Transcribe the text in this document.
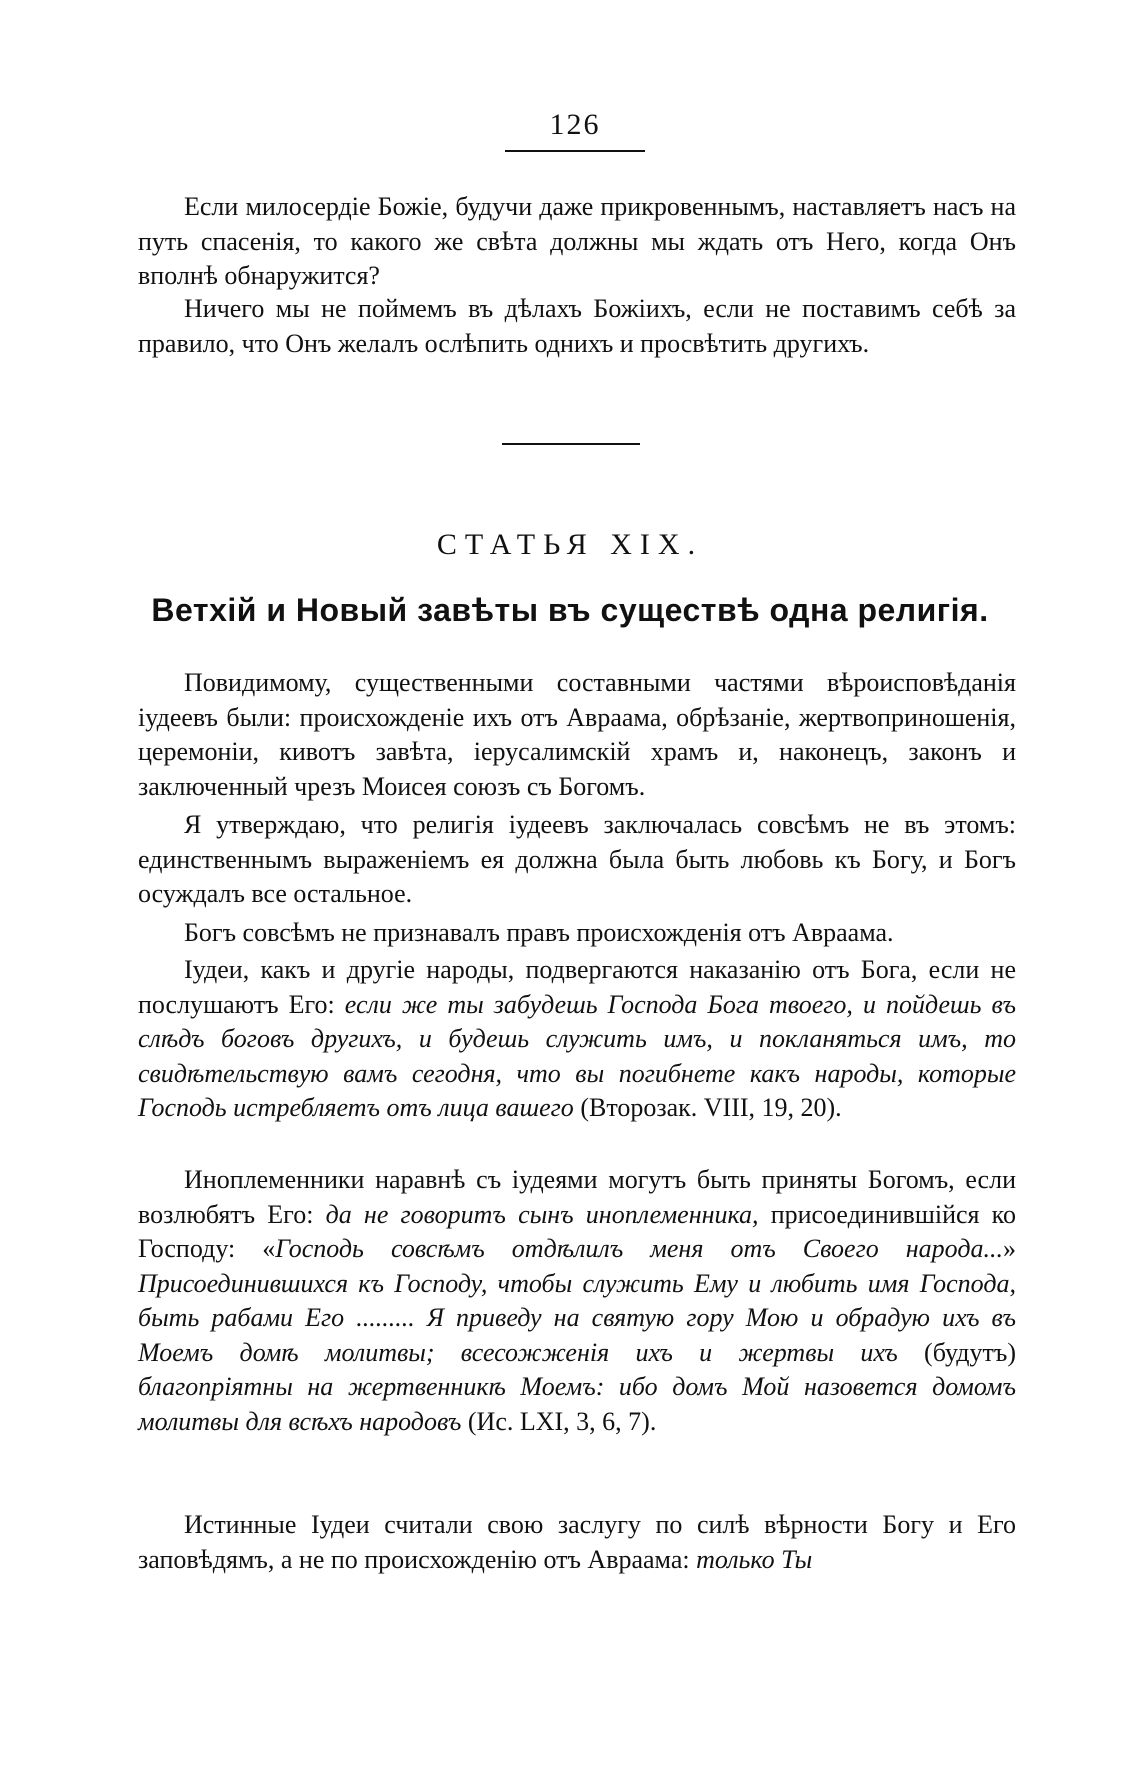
126

Если милосердіе Божіе, будучи даже прикровеннымъ, наставляетъ насъ на путь спасенія, то какого же свѣта должны мы ждать отъ Него, когда Онъ вполнѣ обнаружится?

Ничего мы не поймемъ въ дѣлахъ Божіихъ, если не поставимъ себѣ за правило, что Онъ желалъ ослѣпить однихъ и просвѣтить другихъ.

СТАТЬЯ XIX.
Ветхій и Новый завѣты въ существѣ одна религія.

Повидимому, существенными составными частями вѣроисповѣданія іудеевъ были: происхожденіе ихъ отъ Авраама, обрѣзаніе, жертвоприношенія, церемоніи, кивотъ завѣта, іерусалимскій храмъ и, наконецъ, законъ и заключенный чрезъ Моисея союзъ съ Богомъ.

Я утверждаю, что религія іудеевъ заключалась совсѣмъ не въ этомъ: единственнымъ выраженіемъ ея должна была быть любовь къ Богу, и Богъ осуждалъ все остальное.

Богъ совсѣмъ не признавалъ правъ происхожденія отъ Авраама.

Іудеи, какъ и другіе народы, подвергаются наказанію отъ Бога, если не послушаютъ Его: если же ты забудешь Господа Бога твоего, и пойдешь въ слѣдъ боговъ другихъ, и будешь служить имъ, и покланяться имъ, то свидѣтельствую вамъ сегодня, что вы погибнете какъ народы, которые Господь истребляетъ отъ лица вашего (Второзак. VIII, 19, 20).

Иноплеменники наравнѣ съ іудеями могутъ быть приняты Богомъ, если возлюбятъ Его: да не говоритъ сынъ иноплеменника, присоединившійся ко Господу: «Господь совсѣмъ отдѣлилъ меня отъ Своего народа...» Присоединившихся къ Господу, чтобы служить Ему и любить имя Господа, быть рабами Его ......... Я приведу на святую гору Мою и обрадую ихъ въ Моемъ домѣ молитвы; всесожженія ихъ и жертвы ихъ (будутъ) благопріятны на жертвенникѣ Моемъ: ибо домъ Мой назовется домомъ молитвы для всѣхъ народовъ (Ис. LXI, 3, 6, 7).

Истинные Іудеи считали свою заслугу по силѣ вѣрности Богу и Его заповѣдямъ, а не по происхожденію отъ Авраама: только Ты
